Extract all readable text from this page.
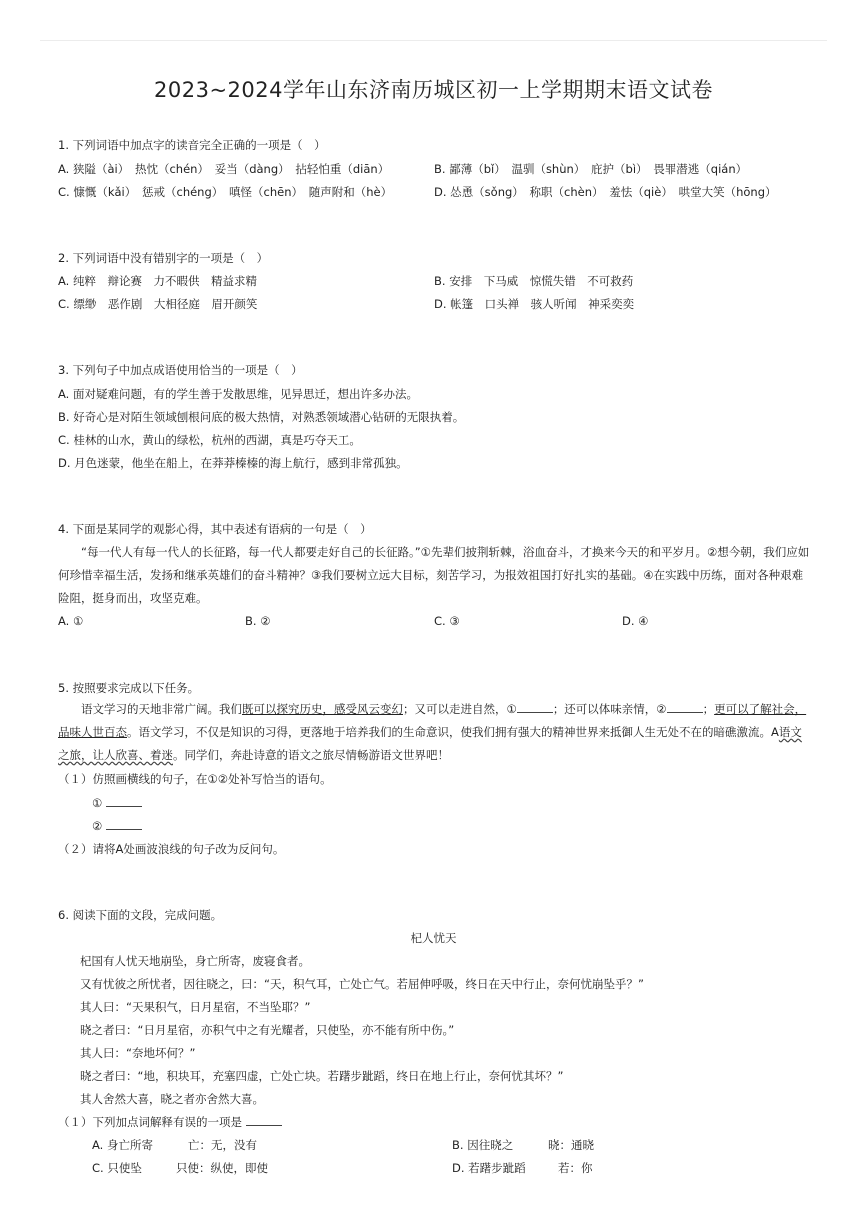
2023~2024学年山东济南历城区初一上学期期末语文试卷
1. 下列词语中加点字的读音完全正确的一项是（　）
A. 狭隘（ài）　热忱（chén）　妥当（dàng）　拈轻怕重（diān）	B. 鄙薄（bǐ）　温驯（shùn）　庇护（bì）　畏罪潜逃（qián）
C. 慷慨（kǎi）　惩戒（chéng）　嗔怪（chēn）　随声附和（hè）	D. 怂恿（sǒng）　称职（chèn）　羞怯（qiè）　哄堂大笑（hōng）
2. 下列词语中没有错别字的一项是（　）
A. 纯粹　辩论赛　力不暇供　精益求精	B. 安排　下马威　惊慌失错　不可救药
C. 缥缈　恶作剧　大相径庭　眉开颜笑	D. 帐篷　口头禅　骇人听闻　神采奕奕
3. 下列句子中加点成语使用恰当的一项是（　）
A. 面对疑难问题，有的学生善于发散思维，见异思迁，想出许多办法。
B. 好奇心是对陌生领域刨根问底的极大热情，对熟悉领域潜心钻研的无限执着。
C. 桂林的山水，黄山的绿松，杭州的西湖，真是巧夺天工。
D. 月色迷蒙，他坐在船上，在莽莽榛榛的海上航行，感到非常孤独。
4. 下面是某同学的观影心得，其中表述有语病的一句是（　）
“每一代人有每一代人的长征路，每一代人都要走好自己的长征路。”①先辈们披荆斩棘，浴血奋斗，才换来今天的和平岁月。②想今朝，我们应如何珍惜幸福生活，发扬和继承英雄们的奋斗精神？③我们要树立远大目标，刻苦学习，为报效祖国打好扎实的基础。④在实践中历练，面对各种艰难险阻，挺身而出，攻坚克难。
A. ①	B. ②	C. ③	D. ④
5. 按照要求完成以下任务。
语文学习的天地非常广阔。我们既可以探究历史，感受风云变幻；又可以走进自然，①	；还可以体味亲情，②	；更可以了解社会，品味人世百态。语文学习，不仅是知识的习得，更落地于培养我们的生命意识，使我们拥有强大的精神世界来抵御人生无处不在的暗礁激流。A语文之旅，让人欣喜、着迷。同学们，奔赴诗意的语文之旅尽情畅游语文世界吧！
（１）仿照画横线的句子，在①②处补写恰当的语句。
①
②
（２）请将A处画波浪线的句子改为反问句。
6. 阅读下面的文段，完成问题。
杞人忧天
杞国有人忧天地崩坠，身亡所寄，废寝食者。
又有忧彼之所忧者，因往晓之，曰：“天，积气耳，亡处亡气。若屈伸呼吸，终日在天中行止，奈何忧崩坠乎？”
其人曰：“天果积气，日月星宿，不当坠耶？”
晓之者曰：“日月星宿，亦积气中之有光耀者，只使坠，亦不能有所中伤。”
其人曰：“奈地坏何？”
晓之者曰：“地，积块耳，充塞四虚，亡处亡块。若躇步跐蹈，终日在地上行止，奈何忧其坏？”
其人舍然大喜，晓之者亦舍然大喜。
（１）下列加点词解释有误的一项是
A. 身亡所寄	亡：无，没有	B. 因往晓之	晓：通晓
C. 只使坠	只使：纵使，即使	D. 若躇步跐蹈	若：你
